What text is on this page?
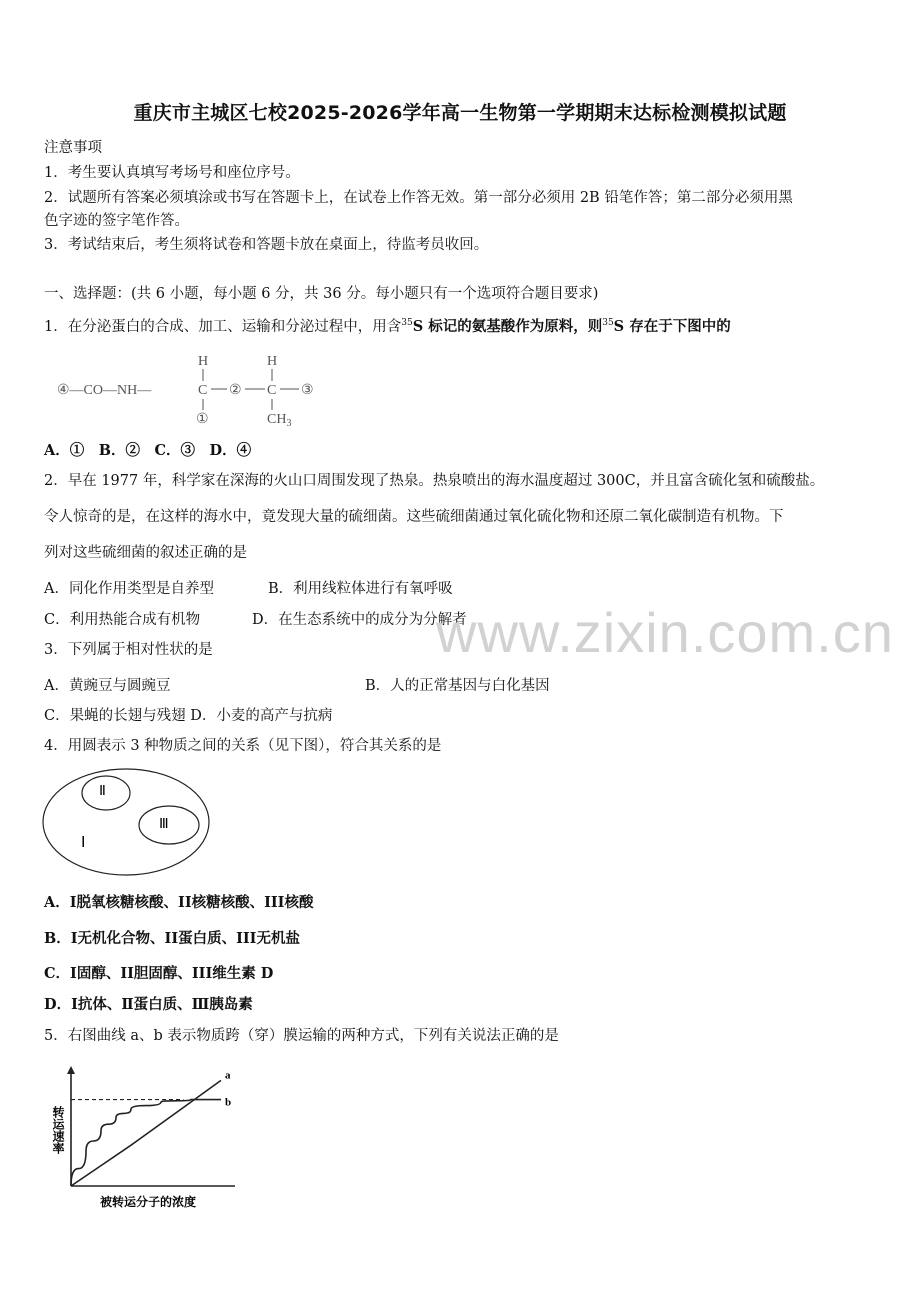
重庆市主城区七校2025-2026学年高一生物第一学期期末达标检测模拟试题
注意事项
1．考生要认真填写考场号和座位序号。
2．试题所有答案必须填涂或书写在答题卡上，在试卷上作答无效。第一部分必须用 2B 铅笔作答；第二部分必须用黑
色字迹的签字笔作答。
3．考试结束后，考生须将试卷和答题卡放在桌面上，待监考员收回。
一、选择题：(共 6 小题，每小题 6 分，共 36 分。每小题只有一个选项符合题目要求)
1．在分泌蛋白的合成、加工、运输和分泌过程中，用含$^{35}$S 标记的氨基酸作为原料，则$^{35}$S 存在于下图中的
④—CO—NH—
H
C
①
②
H
C
$CH_3$
③
A．①　B．②　C．③　D．④
2．早在 1977 年，科学家在深海的火山口周围发现了热泉。热泉喷出的海水温度超过 300C，并且富含硫化氢和硫酸盐。
令人惊奇的是，在这样的海水中，竟发现大量的硫细菌。这些硫细菌通过氧化硫化物和还原二氧化碳制造有机物。下
列对这些硫细菌的叙述正确的是
A．同化作用类型是自养型	B．利用线粒体进行有氧呼吸
C．利用热能合成有机物	D．在生态系统中的成分为分解者
www.zixin.com.cn
3．下列属于相对性状的是
A．黄豌豆与圆豌豆	B．人的正常基因与白化基因
C．果蝇的长翅与残翅 D．小麦的高产与抗病
4．用圆表示 3 种物质之间的关系（见下图），符合其关系的是
Ⅰ
Ⅱ
Ⅲ
A．I脱氧核糖核酸、II核糖核酸、III核酸
B．I无机化合物、II蛋白质、III无机盐
C．I固醇、II胆固醇、III维生素 D
D．Ⅰ抗体、Ⅱ蛋白质、Ⅲ胰岛素
5．右图曲线 a、b 表示物质跨（穿）膜运输的两种方式，下列有关说法正确的是
a
b
转运速率
被转运分子的浓度
